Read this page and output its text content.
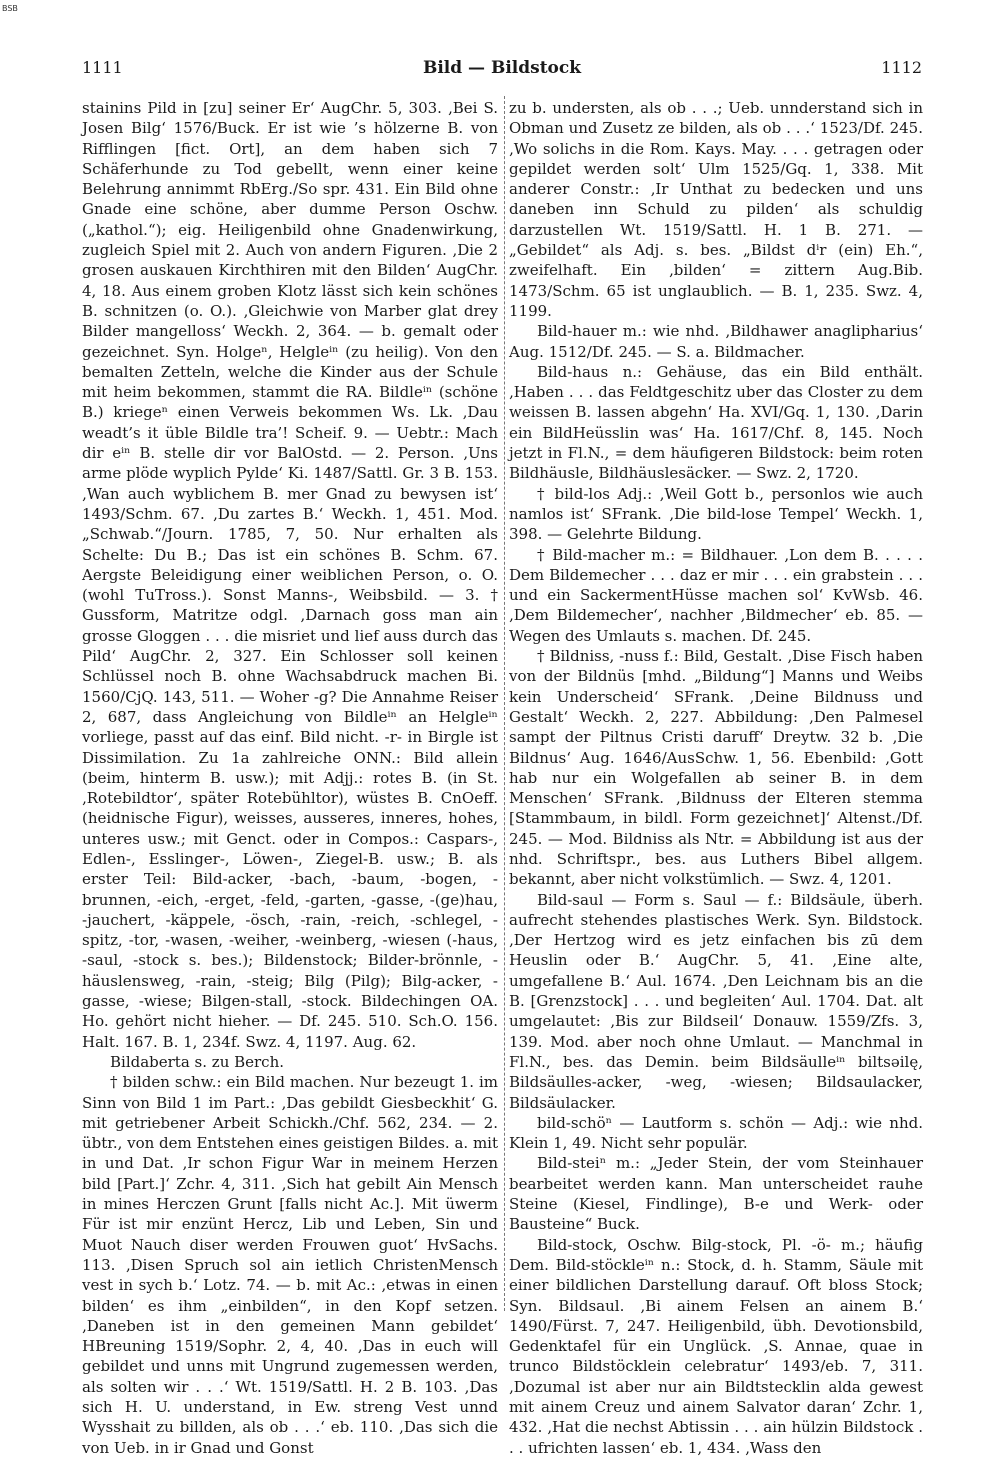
BSB
1111	Bild — Bildstock	1112

stainins Pild in [zu] seiner Er‘ AugChr. 5, 303. ‚Bei S. Josen Bilg‘ 1576/Buck. Er ist wie ’s hölzerne B. von Rifflingen [fict. Ort], an dem haben sich 7 Schäferhunde zu Tod gebellt, wenn einer keine Belehrung annimmt RbErg./So spr. 431. Ein Bild ohne Gnade eine schöne, aber dumme Person Oschw. („kathol.“); eig. Heiligenbild ohne Gnadenwirkung, zugleich Spiel mit 2. Auch von andern Figuren. ‚Die 2 grosen auskauen Kirchthiren mit den Bilden‘ AugChr. 4, 18. Aus einem groben Klotz lässt sich kein schönes B. schnitzen (o. O.). ‚Gleichwie von Marber glat drey Bilder mangelloss‘ Weckh. 2, 364. — b. gemalt oder gezeichnet. Syn. Holgeⁿ, Helgleⁱⁿ (zu heilig). Von den bemalten Zetteln, welche die Kinder aus der Schule mit heim bekommen, stammt die RA. Bildleⁱⁿ (schöne B.) kriegeⁿ einen Verweis bekommen Ws. Lk. ‚Dau weadt’s it üble Bildle tra’! Scheif. 9. — Uebtr.: Mach dir eⁱⁿ B. stelle dir vor BalOstd. — 2. Person. ‚Uns arme plöde wyplich Pylde‘ Ki. 1487/Sattl. Gr. 3 B. 153. ‚Wan auch wyblichem B. mer Gnad zu bewysen ist‘ 1493/Schm. 67. ‚Du zartes B.‘ Weckh. 1, 451. Mod. „Schwab.“/Journ. 1785, 7, 50. Nur erhalten als Schelte: Du B.; Das ist ein schönes B. Schm. 67. Aergste Beleidigung einer weiblichen Person, o. O. (wohl TuTross.). Sonst Manns-, Weibsbild. — 3. † Gussform, Matritze odgl. ‚Darnach goss man ain grosse Gloggen . . . die misriet und lief auss durch das Pild‘ AugChr. 2, 327. Ein Schlosser soll keinen Schlüssel noch B. ohne Wachsabdruck machen Bi. 1560/CjQ. 143, 511. — Woher -g? Die Annahme Reiser 2, 687, dass Angleichung von Bildleⁱⁿ an Helgleⁱⁿ vorliege, passt auf das einf. Bild nicht. -r- in Birgle ist Dissimilation. Zu 1a zahlreiche ONN.: Bild allein (beim, hinterm B. usw.); mit Adjj.: rotes B. (in St. ‚Rotebildtor‘, später Rotebühltor), wüstes B. CnOeff. (heidnische Figur), weisses, ausseres, inneres, hohes, unteres usw.; mit Genct. oder in Compos.: Caspars-, Edlen-, Esslinger-, Löwen-, Ziegel-B. usw.; B. als erster Teil: Bild-acker, -bach, -baum, -bogen, -brunnen, -eich, -erget, -feld, -garten, -gasse, -(ge)hau, -jauchert, -käppele, -ösch, -rain, -reich, -schlegel, -spitz, -tor, -wasen, -weiher, -weinberg, -wiesen (-haus, -saul, -stock s. bes.); Bildenstock; Bilder-brönnle, -häuslensweg, -rain, -steig; Bilg (Pilg); Bilg-acker, -gasse, -wiese; Bilgen-stall, -stock. Bildechingen OA. Ho. gehört nicht hieher. — Df. 245. 510. Sch.O. 156. Halt. 167. B. 1, 234f. Swz. 4, 1197. Aug. 62.

Bildaberta s. zu Berch.

† bilden schw.: ein Bild machen. Nur bezeugt 1. im Sinn von Bild 1 im Part.: ‚Das gebildt Giesbeckhit‘ G. mit getriebener Arbeit Schickh./Chf. 562, 234. — 2. übtr., von dem Entstehen eines geistigen Bildes. a. mit in und Dat. ‚Ir schon Figur War in meinem Herzen bild [Part.]‘ Zchr. 4, 311. ‚Sich hat gebilt Ain Mensch in mines Herczen Grunt [falls nicht Ac.]. Mit üwerm Für ist mir enzünt Hercz, Lib und Leben, Sin und Muot Nauch diser werden Frouwen guot‘ HvSachs. 113. ‚Disen Spruch sol ain ietlich ChristenMensch vest in sych b.‘ Lotz. 74. — b. mit Ac.: ‚etwas in einen bilden‘ es ihm „einbilden“, in den Kopf setzen. ‚Daneben ist in den gemeinen Mann gebildet‘ HBreuning 1519/Sophr. 2, 4, 40. ‚Das in euch will gebildet und unns mit Ungrund zugemessen werden, als solten wir . . .‘ Wt. 1519/Sattl. H. 2 B. 103. ‚Das sich H. U. understand, in Ew. streng Vest unnd Wysshait zu billden, als ob . . .‘ eb. 110. ‚Das sich die von Ueb. in ir Gnad und Gonst

zu b. understen, als ob . . .; Ueb. unnderstand sich in Obman und Zusetz ze bilden, als ob . . .‘ 1523/Df. 245. ‚Wo solichs in die Rom. Kays. May. . . . getragen oder gepildet werden solt‘ Ulm 1525/Gq. 1, 338. Mit anderer Constr.: ‚Ir Unthat zu bedecken und uns daneben inn Schuld zu pilden‘ als schuldig darzustellen Wt. 1519/Sattl. H. 1 B. 271. — „Gebildet“ als Adj. s. bes. „Bildst dⁱr (ein) Eh.“, zweifelhaft. Ein ‚bilden‘ = zittern Aug.Bib. 1473/Schm. 65 ist unglaublich. — B. 1, 235. Swz. 4, 1199.

Bild-hauer m.: wie nhd. ‚Bildhawer anaglipharius‘ Aug. 1512/Df. 245. — S. a. Bildmacher.

Bild-haus n.: Gehäuse, das ein Bild enthält. ‚Haben . . . das Feldtgeschitz uber das Closter zu dem weissen B. lassen abgehn‘ Ha. XVI/Gq. 1, 130. ‚Darin ein BildHeüsslin was‘ Ha. 1617/Chf. 8, 145. Noch jetzt in Fl.N., = dem häufigeren Bildstock: beim roten Bildhäusle, Bildhäuslesäcker. — Swz. 2, 1720.

† bild-los Adj.: ‚Weil Gott b., personlos wie auch namlos ist‘ SFrank. ‚Die bild-lose Tempel‘ Weckh. 1, 398. — Gelehrte Bildung.

† Bild-macher m.: = Bildhauer. ‚Lon dem B. . . . . Dem Bildemecher . . . daz er mir . . . ein grabstein . . . und ein SackermentHüsse machen sol‘ KvWsb. 46. ‚Dem Bildemecher‘, nachher ‚Bildmecher‘ eb. 85. — Wegen des Umlauts s. machen. Df. 245.

† Bildniss, -nuss f.: Bild, Gestalt. ‚Dise Fisch haben von der Bildnüs [mhd. „Bildung“] Manns und Weibs kein Underscheid‘ SFrank. ‚Deine Bildnuss und Gestalt‘ Weckh. 2, 227. Abbildung: ‚Den Palmesel sampt der Piltnus Cristi daruff‘ Dreytw. 32 b. ‚Die Bildnus‘ Aug. 1646/AusSchw. 1, 56. Ebenbild: ‚Gott hab nur ein Wolgefallen ab seiner B. in dem Menschen‘ SFrank. ‚Bildnuss der Elteren stemma [Stammbaum, in bildl. Form gezeichnet]‘ Altenst./Df. 245. — Mod. Bildniss als Ntr. = Abbildung ist aus der nhd. Schriftspr., bes. aus Luthers Bibel allgem. bekannt, aber nicht volkstümlich. — Swz. 4, 1201.

Bild-saul — Form s. Saul — f.: Bildsäule, überh. aufrecht stehendes plastisches Werk. Syn. Bildstock. ‚Der Hertzog wird es jetz einfachen bis zū dem Heuslin oder B.‘ AugChr. 5, 41. ‚Eine alte, umgefallene B.‘ Aul. 1674. ‚Den Leichnam bis an die B. [Grenzstock] . . . und begleiten‘ Aul. 1704. Dat. alt umgelautet: ‚Bis zur Bildseil‘ Donauw. 1559/Zfs. 3, 139. Mod. aber noch ohne Umlaut. — Manchmal in Fl.N., bes. das Demin. beim Bildsäulleⁱⁿ biltsəilę, Bildsäulles-acker, -weg, -wiesen; Bildsaulacker, Bildsäulacker.

bild-schöⁿ — Lautform s. schön — Adj.: wie nhd. Klein 1, 49. Nicht sehr populär.

Bild-steiⁿ m.: „Jeder Stein, der vom Steinhauer bearbeitet werden kann. Man unterscheidet rauhe Steine (Kiesel, Findlinge), B-e und Werk- oder Bausteine“ Buck.

Bild-stock, Oschw. Bilg-stock, Pl. -ö- m.; häufig Dem. Bild-stöckleⁱⁿ n.: Stock, d. h. Stamm, Säule mit einer bildlichen Darstellung darauf. Oft bloss Stock; Syn. Bildsaul. ‚Bi ainem Felsen an ainem B.‘ 1490/Fürst. 7, 247. Heiligenbild, übh. Devotionsbild, Gedenktafel für ein Unglück. ‚S. Annae, quae in trunco Bildstöcklein celebratur‘ 1493/eb. 7, 311. ‚Dozumal ist aber nur ain Bildtstecklin alda gewest mit ainem Creuz und ainem Salvator daran‘ Zchr. 1, 432. ‚Hat die nechst Abtissin . . . ain hülzin Bildstock . . . ufrichten lassen‘ eb. 1, 434. ‚Wass den
